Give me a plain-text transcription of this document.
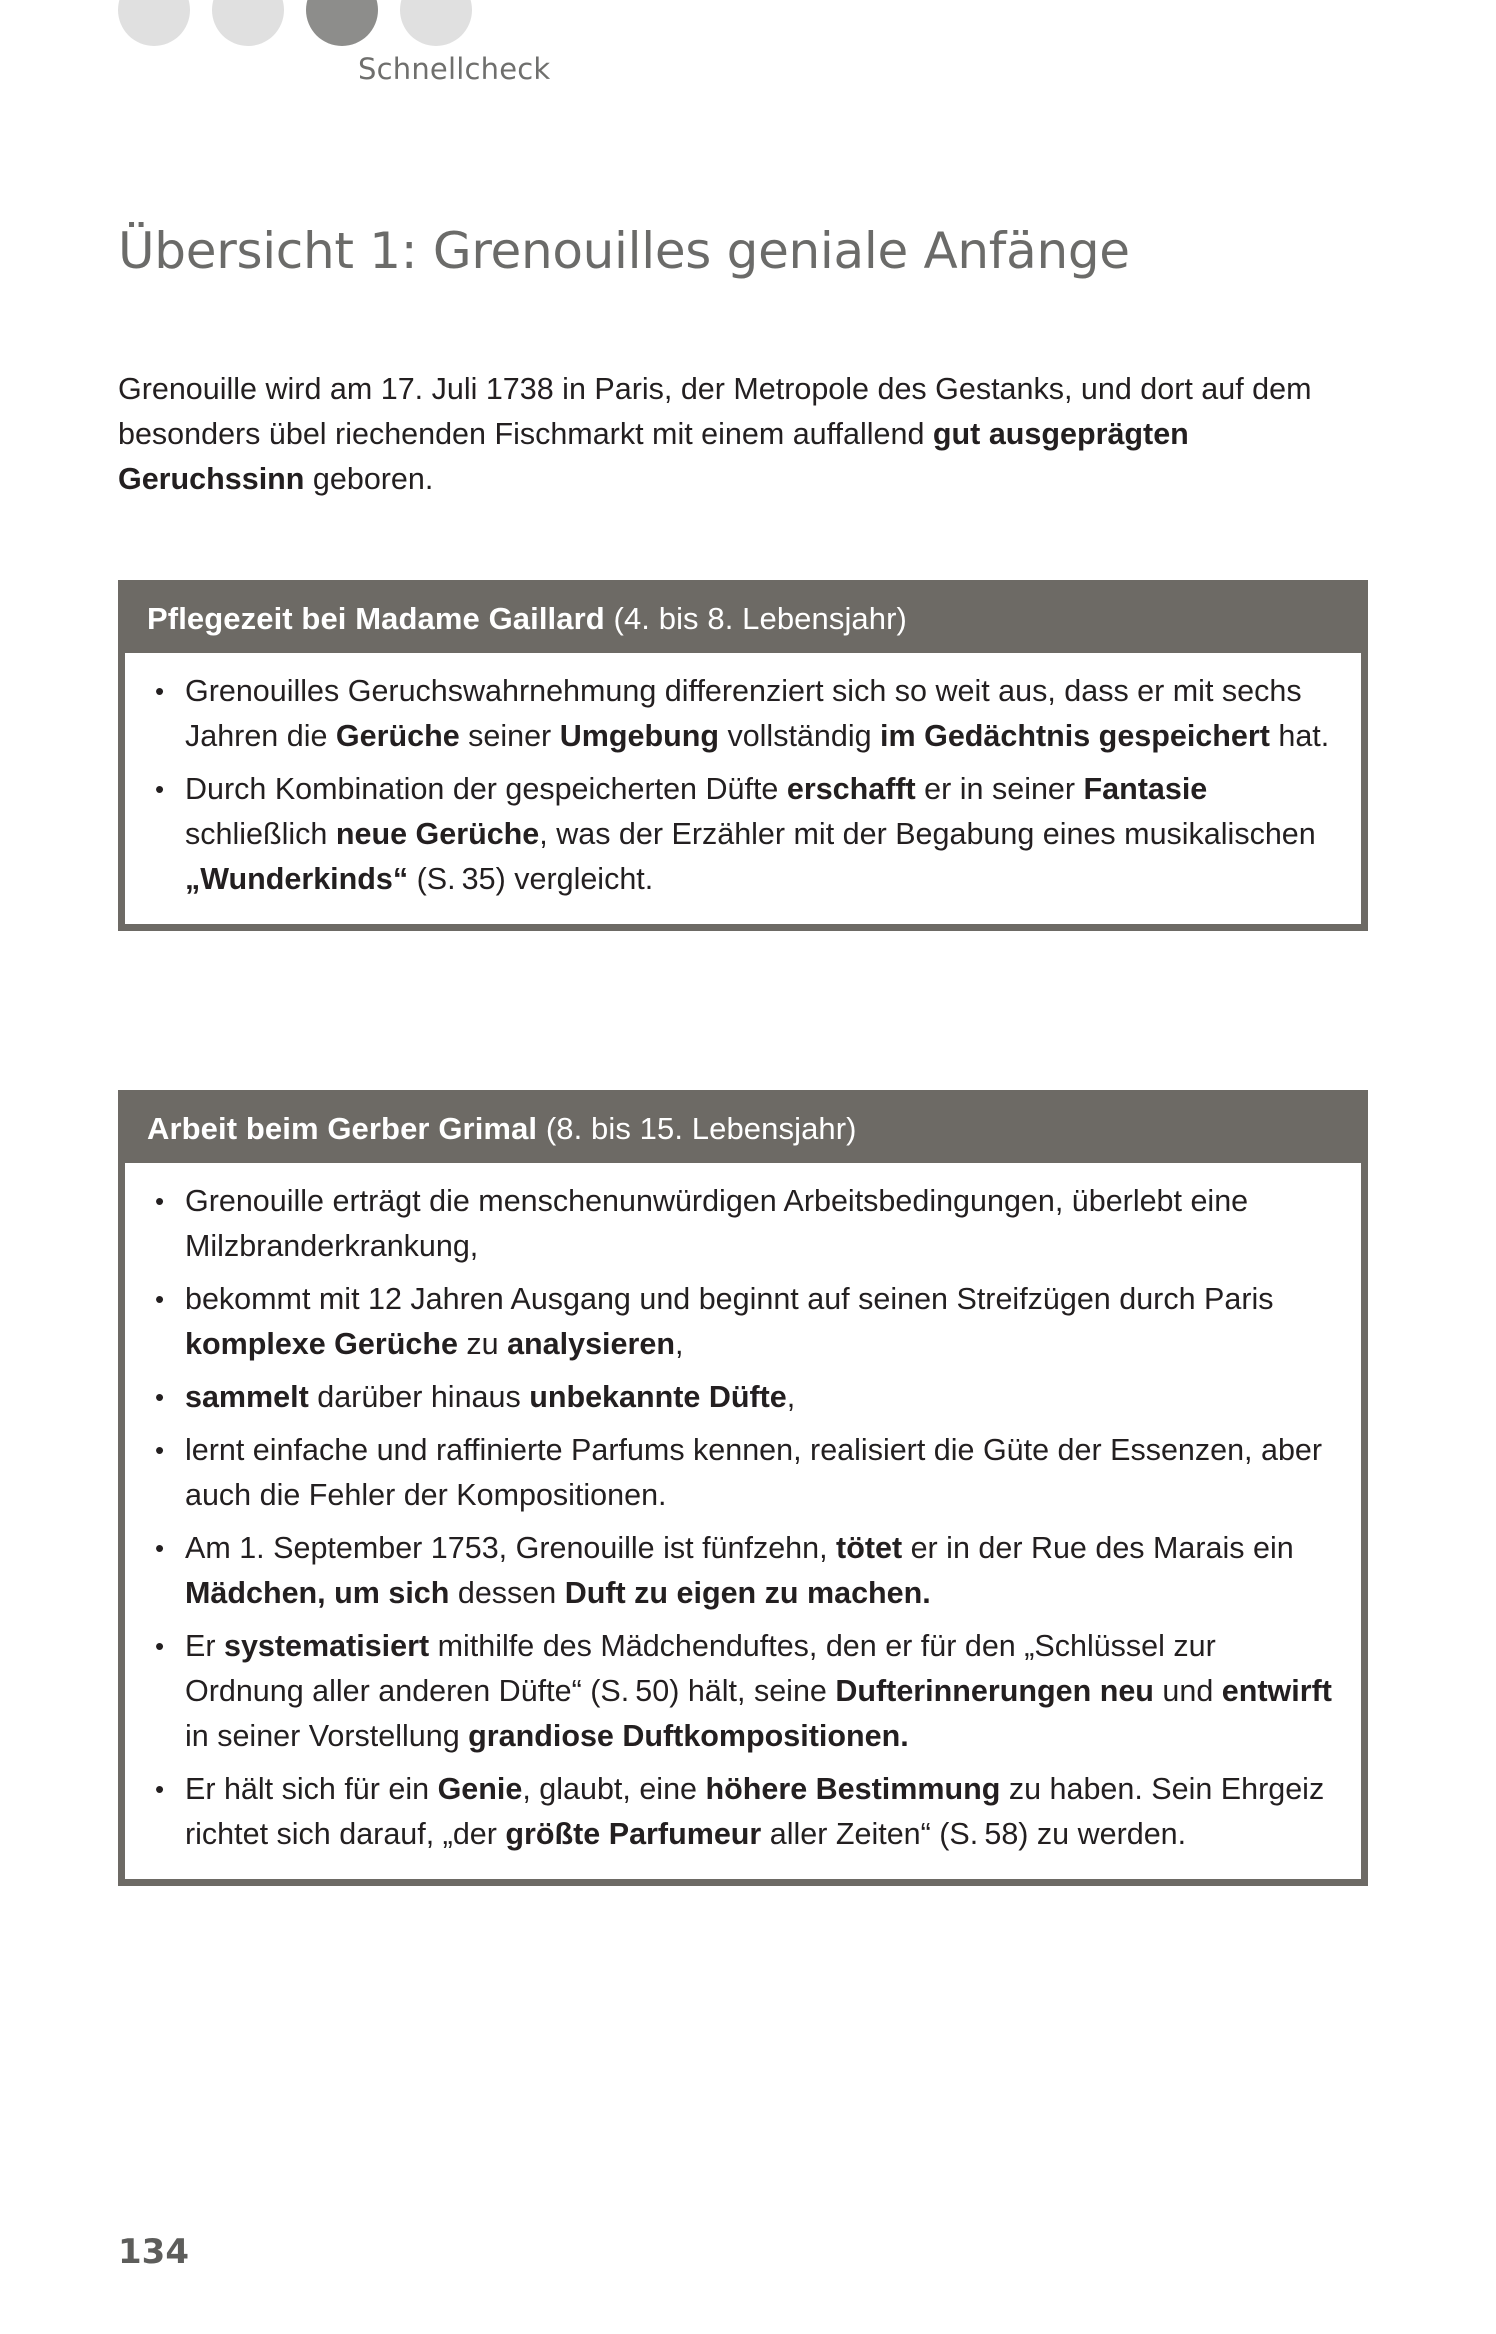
Schnellcheck
Übersicht 1: Grenouilles geniale Anfänge

Grenouille wird am 17. Juli 1738 in Paris, der Metropole des Gestanks, und dort auf dem besonders übel riechenden Fischmarkt mit einem auffallend gut ausgeprägten Geruchssinn geboren.

Pflegezeit bei Madame Gaillard (4. bis 8. Lebensjahr)
• Grenouilles Geruchswahrnehmung differenziert sich so weit aus, dass er mit sechs Jahren die Gerüche seiner Umgebung vollständig im Gedächtnis gespeichert hat.
• Durch Kombination der gespeicherten Düfte erschafft er in seiner Fantasie schließlich neue Gerüche, was der Erzähler mit der Begabung eines musikalischen „Wunderkinds“ (S. 35) vergleicht.
Arbeit beim Gerber Grimal (8. bis 15. Lebensjahr)
• Grenouille erträgt die menschenunwürdigen Arbeitsbedingungen, überlebt eine Milzbranderkrankung,
• bekommt mit 12 Jahren Ausgang und beginnt auf seinen Streifzügen durch Paris komplexe Gerüche zu analysieren,
• sammelt darüber hinaus unbekannte Düfte,
• lernt einfache und raffinierte Parfums kennen, realisiert die Güte der Essenzen, aber auch die Fehler der Kompositionen.
• Am 1. September 1753, Grenouille ist fünfzehn, tötet er in der Rue des Marais ein Mädchen, um sich dessen Duft zu eigen zu machen.
• Er systematisiert mithilfe des Mädchenduftes, den er für den „Schlüssel zur Ordnung aller anderen Düfte“ (S. 50) hält, seine Dufterinnerungen neu und entwirft in seiner Vorstellung grandiose Duftkompositionen.
• Er hält sich für ein Genie, glaubt, eine höhere Bestimmung zu haben. Sein Ehrgeiz richtet sich darauf, „der größte Parfumeur aller Zeiten“ (S. 58) zu werden.
134
